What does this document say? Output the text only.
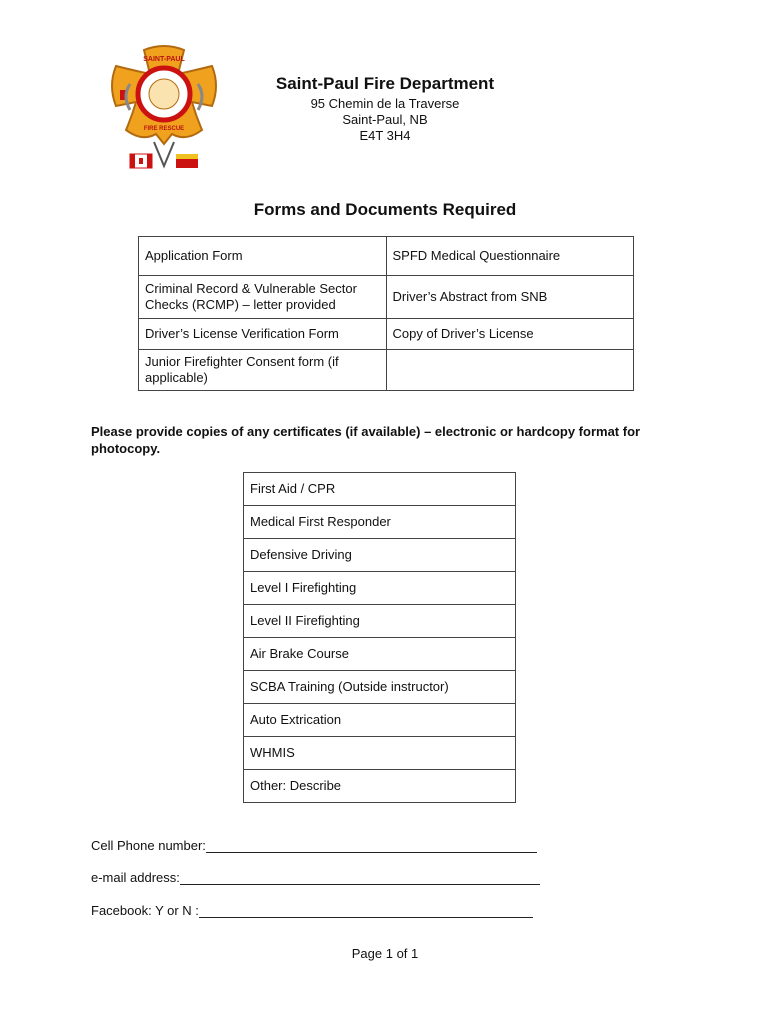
SAINT-PAUL
FIRE RESCUE
Saint-Paul Fire Department
95 Chemin de la Traverse
Saint-Paul, NB
E4T 3H4
Forms and Documents Required
Application Form	SPFD Medical Questionnaire
Criminal Record & Vulnerable Sector Checks (RCMP) – letter provided	Driver’s Abstract from SNB
Driver’s License Verification Form	Copy of Driver’s License
Junior Firefighter Consent form (if applicable)	
Please provide copies of any certificates (if available) – electronic or hardcopy format for photocopy.
First Aid / CPR
Medical First Responder
Defensive Driving
Level I Firefighting
Level II Firefighting
Air Brake Course
SCBA Training (Outside instructor)
Auto Extrication
WHMIS
Other: Describe
Cell Phone number:
e-mail address:
Facebook: Y or N :
Page 1 of 1
